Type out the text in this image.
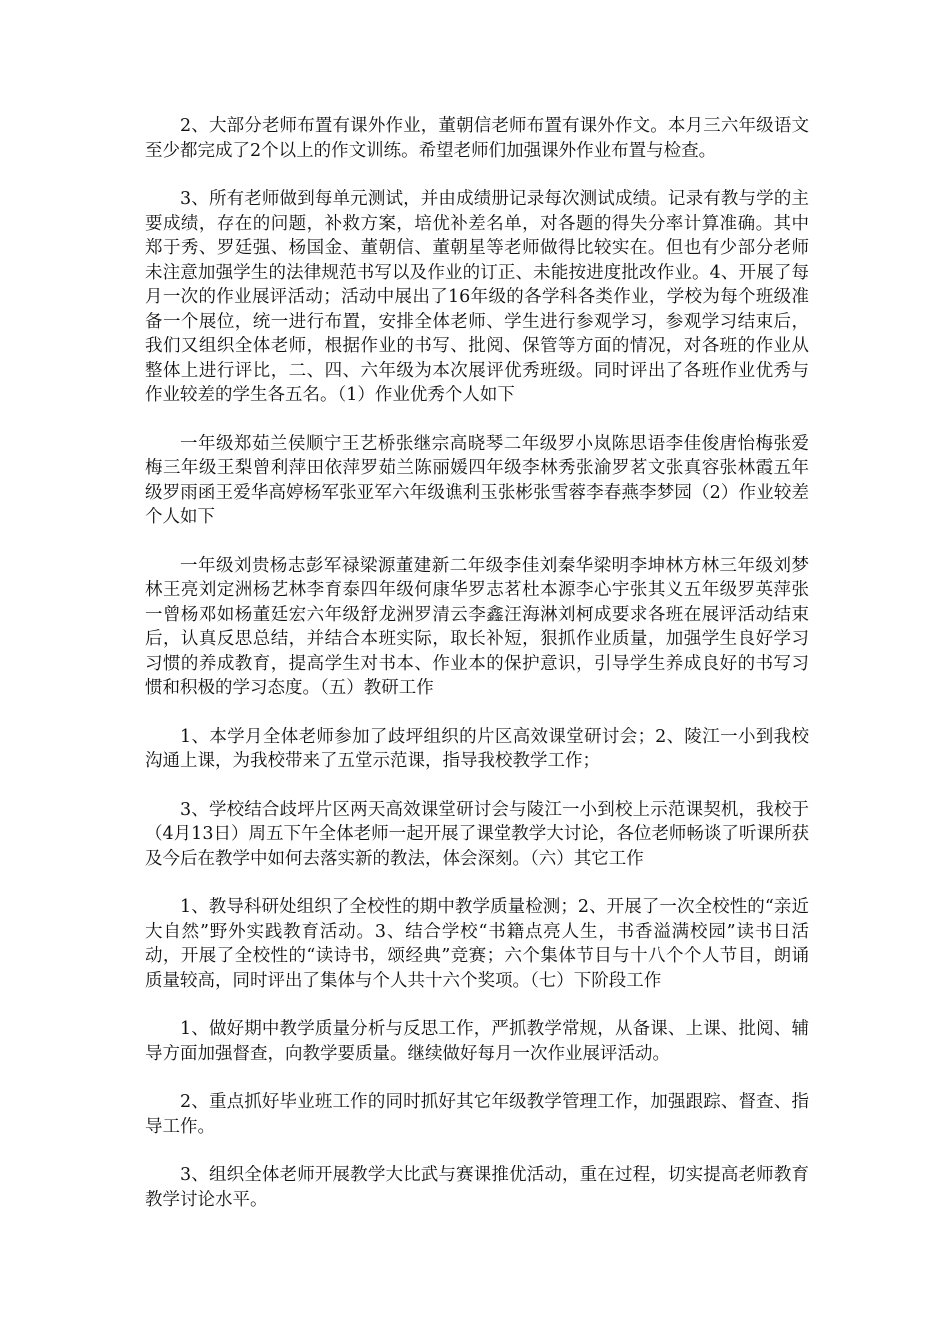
2、大部分老师布置有课外作业，董朝信老师布置有课外作文。本月三六年级语文至少都完成了2个以上的作文训练。希望老师们加强课外作业布置与检查。

3、所有老师做到每单元测试，并由成绩册记录每次测试成绩。记录有教与学的主要成绩，存在的问题，补救方案，培优补差名单，对各题的得失分率计算准确。其中郑于秀、罗廷强、杨国金、董朝信、董朝星等老师做得比较实在。但也有少部分老师未注意加强学生的法律规范书写以及作业的订正、未能按进度批改作业。4、开展了每月一次的作业展评活动；活动中展出了16年级的各学科各类作业，学校为每个班级准备一个展位，统一进行布置，安排全体老师、学生进行参观学习，参观学习结束后，我们又组织全体老师，根据作业的书写、批阅、保管等方面的情况，对各班的作业从整体上进行评比，二、四、六年级为本次展评优秀班级。同时评出了各班作业优秀与作业较差的学生各五名。（1）作业优秀个人如下

一年级郑茹兰侯顺宁王艺桥张继宗高晓琴二年级罗小岚陈思语李佳俊唐怡梅张爱梅三年级王梨曾利萍田依萍罗茹兰陈丽媛四年级李林秀张渝罗茗文张真容张林霞五年级罗雨函王爱华高婷杨军张亚军六年级谯利玉张彬张雪蓉李春燕李梦园（2）作业较差个人如下

一年级刘贵杨志彭军禄梁源董建新二年级李佳刘秦华梁明李坤林方林三年级刘梦林王亮刘定洲杨艺林李育泰四年级何康华罗志茗杜本源李心宇张其义五年级罗英萍张一曾杨邓如杨董廷宏六年级舒龙洲罗清云李鑫汪海淋刘柯成要求各班在展评活动结束后，认真反思总结，并结合本班实际，取长补短，狠抓作业质量，加强学生良好学习习惯的养成教育，提高学生对书本、作业本的保护意识，引导学生养成良好的书写习惯和积极的学习态度。（五）教研工作

1、本学月全体老师参加了歧坪组织的片区高效课堂研讨会；2、陵江一小到我校沟通上课，为我校带来了五堂示范课，指导我校教学工作；

3、学校结合歧坪片区两天高效课堂研讨会与陵江一小到校上示范课契机，我校于（4月13日）周五下午全体老师一起开展了课堂教学大讨论，各位老师畅谈了听课所获及今后在教学中如何去落实新的教法，体会深刻。（六）其它工作

1、教导科研处组织了全校性的期中教学质量检测；2、开展了一次全校性的“亲近大自然”野外实践教育活动。3、结合学校“书籍点亮人生，书香溢满校园”读书日活动，开展了全校性的“读诗书，颂经典”竞赛；六个集体节目与十八个个人节目，朗诵质量较高，同时评出了集体与个人共十六个奖项。（七）下阶段工作

1、做好期中教学质量分析与反思工作，严抓教学常规，从备课、上课、批阅、辅导方面加强督查，向教学要质量。继续做好每月一次作业展评活动。

2、重点抓好毕业班工作的同时抓好其它年级教学管理工作，加强跟踪、督查、指导工作。

3、组织全体老师开展教学大比武与赛课推优活动，重在过程，切实提高老师教育教学讨论水平。
